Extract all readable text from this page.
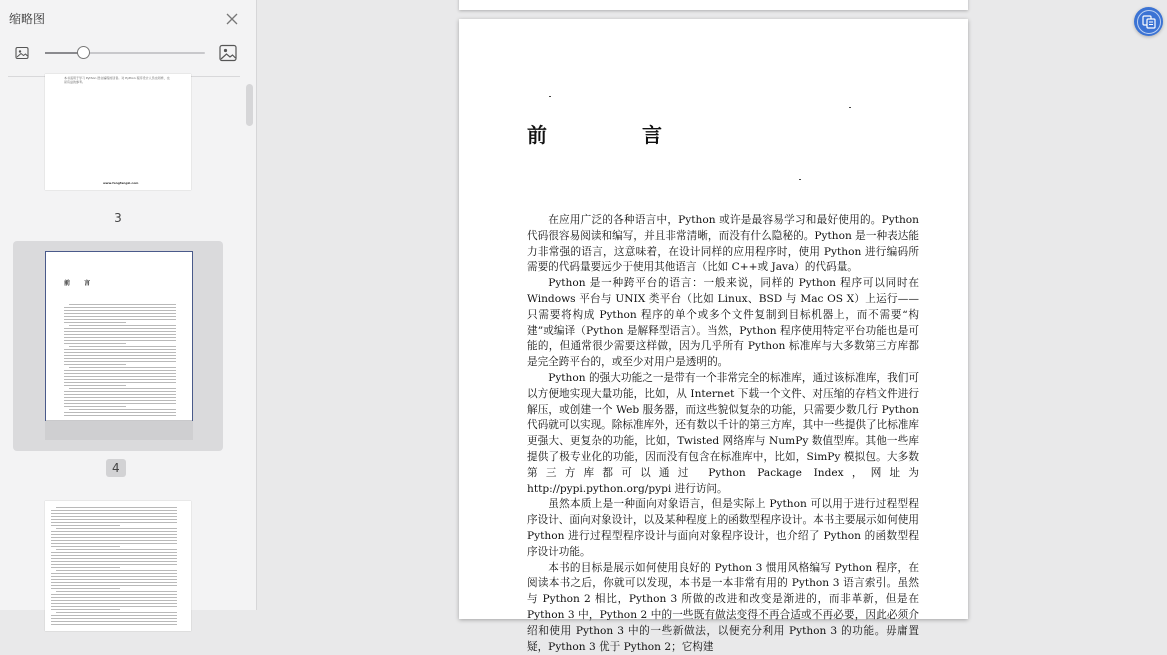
缩略图
本书适用于学习 Python 语言编程的读者。对 Python 程序设计人员也同样，也是有益的参考。
www.fengfangzi.com
3
前 言
4
前 言

在应用广泛的各种语言中，Python 或许是最容易学习和最好使用的。Python 代码很容易阅读和编写，并且非常清晰，而没有什么隐秘的。Python 是一种表达能力非常强的语言，这意味着，在设计同样的应用程序时，使用 Python 进行编码所需要的代码量要远少于使用其他语言（比如 C++或 Java）的代码量。

Python 是一种跨平台的语言：一般来说，同样的 Python 程序可以同时在 Windows 平台与 UNIX 类平台（比如 Linux、BSD 与 Mac OS X）上运行——只需要将构成 Python 程序的单个或多个文件复制到目标机器上，而不需要“构建”或编译（Python 是解释型语言）。当然，Python 程序使用特定平台功能也是可能的，但通常很少需要这样做，因为几乎所有 Python 标准库与大多数第三方库都是完全跨平台的，或至少对用户是透明的。

Python 的强大功能之一是带有一个非常完全的标准库，通过该标准库，我们可以方便地实现大量功能，比如，从 Internet 下载一个文件、对压缩的存档文件进行解压，或创建一个 Web 服务器，而这些貌似复杂的功能，只需要少数几行 Python 代码就可以实现。除标准库外，还有数以千计的第三方库，其中一些提供了比标准库更强大、更复杂的功能，比如，Twisted 网络库与 NumPy 数值型库。其他一些库提供了极专业化的功能，因而没有包含在标准库中，比如，SimPy 模拟包。大多数第三方库都可以通过 Python Package Index，网址为 http://pypi.python.org/pypi 进行访问。

虽然本质上是一种面向对象语言，但是实际上 Python 可以用于进行过程型程序设计、面向对象设计，以及某种程度上的函数型程序设计。本书主要展示如何使用 Python 进行过程型程序设计与面向对象程序设计，也介绍了 Python 的函数型程序设计功能。

本书的目标是展示如何使用良好的 Python 3 惯用风格编写 Python 程序，在阅读本书之后，你就可以发现，本书是一本非常有用的 Python 3 语言索引。虽然与 Python 2 相比，Python 3 所做的改进和改变是渐进的，而非革新，但是在 Python 3 中，Python 2 中的一些既有做法变得不再合适或不再必要，因此必须介绍和使用 Python 3 中的一些新做法，以便充分利用 Python 3 的功能。毋庸置疑，Python 3 优于 Python 2；它构建
